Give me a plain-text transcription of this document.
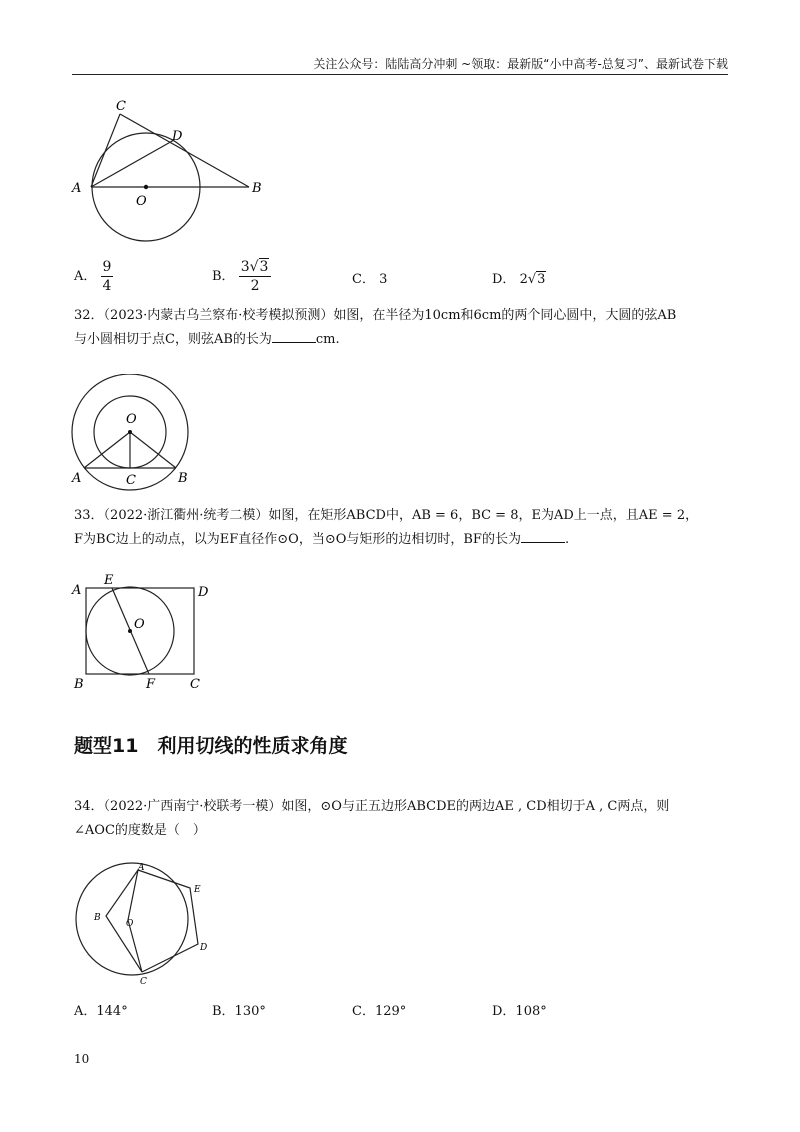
关注公众号：陆陆高分冲刺 ~领取：最新版“小中高考-总复习”、最新试卷下载
C
D
A
O
B
A． $\frac{9}{4}$	B． $\frac{3√3}{2}$	C． 3	D． 2√3
32．（2023·内蒙古乌兰察布·校考模拟预测）如图，在半径为10cm和6cm的两个同心圆中，大圆的弦AB
与小圆相切于点C，则弦AB的长为	cm.
O
A	C	B
33．（2022·浙江衢州·统考二模）如图，在矩形ABCD中，AB = 6，BC = 8，E为AD上一点，且AE = 2，
F为BC边上的动点，以为EF直径作⊙O，当⊙O与矩形的边相切时，BF的长为	.
A
E
D
O
B	F	C
题型11　利用切线的性质求角度
34．（2022·广西南宁·校联考一模）如图，⊙O与正五边形ABCDE的两边AE , CD相切于A , C两点，则
∠AOC的度数是（　）
A
E
B
O
D
C
A．144°	B．130°	C．129°	D．108°
10
